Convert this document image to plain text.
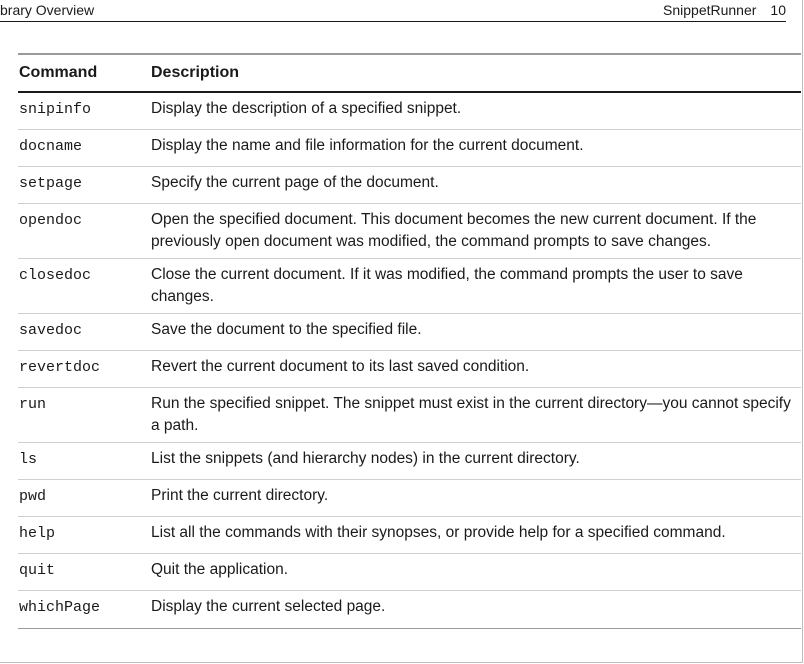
brary Overview	SnippetRunner 10
Command	Description
snipinfo	Display the description of a specified snippet.
docname	Display the name and file information for the current document.
setpage	Specify the current page of the document.
opendoc	Open the specified document. This document becomes the new current document. If the previously open document was modified, the command prompts to save changes.
closedoc	Close the current document. If it was modified, the command prompts the user to save changes.
savedoc	Save the document to the specified file.
revertdoc	Revert the current document to its last saved condition.
run	Run the specified snippet. The snippet must exist in the current directory—you cannot specify a path.
ls	List the snippets (and hierarchy nodes) in the current directory.
pwd	Print the current directory.
help	List all the commands with their synopses, or provide help for a specified command.
quit	Quit the application.
whichPage	Display the current selected page.
